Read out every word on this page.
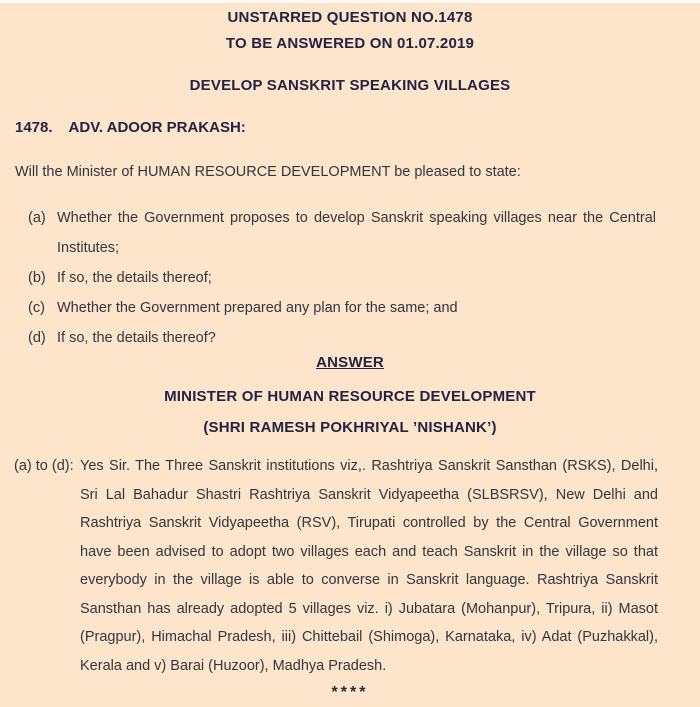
UNSTARRED QUESTION NO.1478
TO BE ANSWERED ON 01.07.2019
DEVELOP SANSKRIT SPEAKING VILLAGES
1478. ADV. ADOOR PRAKASH:
Will the Minister of HUMAN RESOURCE DEVELOPMENT be pleased to state:
(a) Whether the Government proposes to develop Sanskrit speaking villages near the Central Institutes;
(b) If so, the details thereof;
(c) Whether the Government prepared any plan for the same; and
(d) If so, the details thereof?
ANSWER
MINISTER OF HUMAN RESOURCE DEVELOPMENT
(SHRI RAMESH POKHRIYAL ’NISHANK’)
(a) to (d): Yes Sir. The Three Sanskrit institutions viz,. Rashtriya Sanskrit Sansthan (RSKS), Delhi, Sri Lal Bahadur Shastri Rashtriya Sanskrit Vidyapeetha (SLBSRSV), New Delhi and Rashtriya Sanskrit Vidyapeetha (RSV), Tirupati controlled by the Central Government have been advised to adopt two villages each and teach Sanskrit in the village so that everybody in the village is able to converse in Sanskrit language. Rashtriya Sanskrit Sansthan has already adopted 5 villages viz. i) Jubatara (Mohanpur), Tripura, ii) Masot (Pragpur), Himachal Pradesh, iii) Chittebail (Shimoga), Karnataka, iv) Adat (Puzhakkal), Kerala and v) Barai (Huzoor), Madhya Pradesh.
****
